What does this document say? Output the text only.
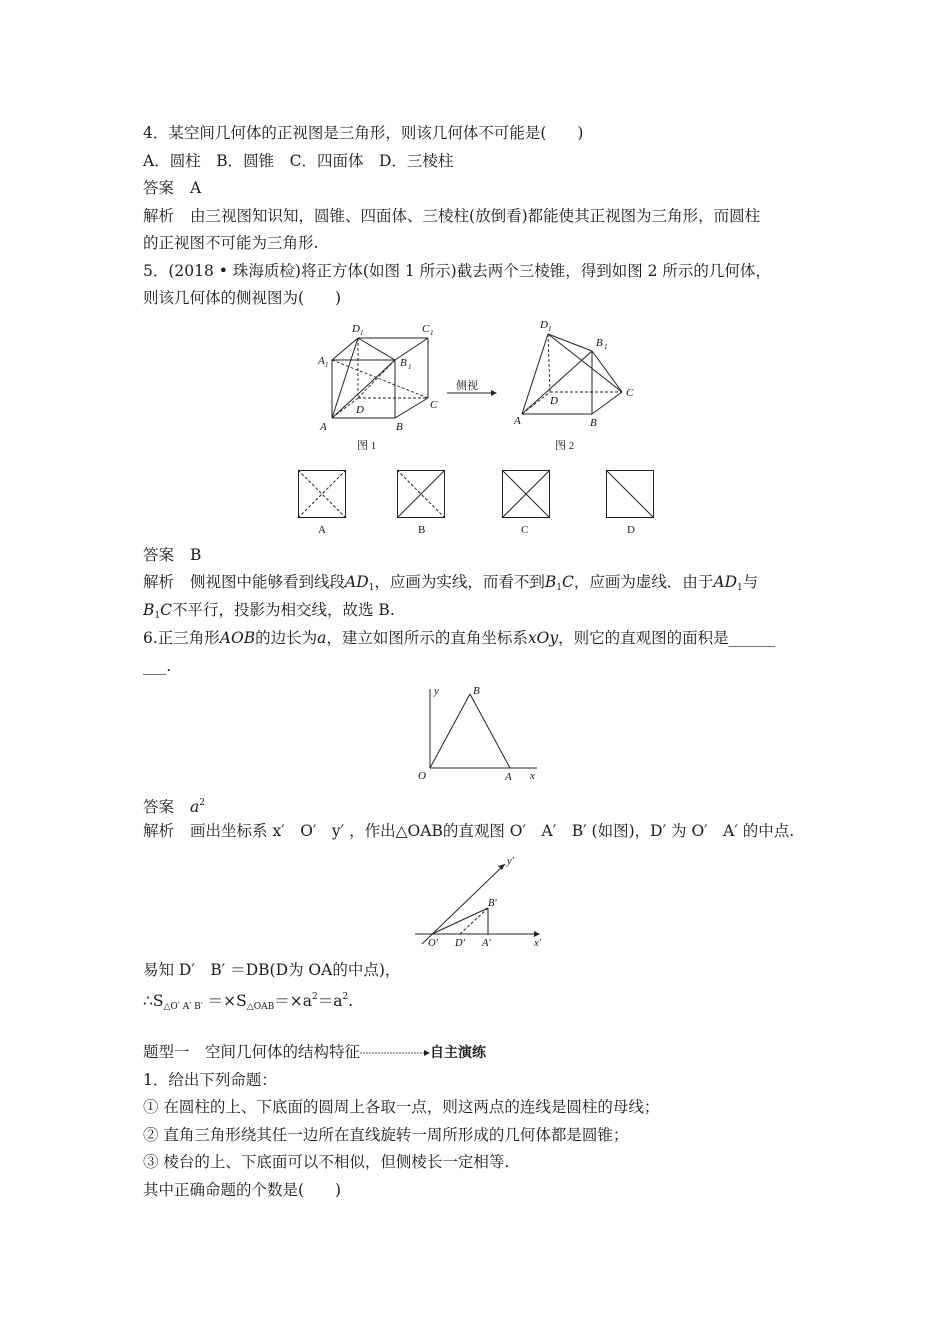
4．某空间几何体的正视图是三角形，则该几何体不可能是(　　)
A．圆柱　B．圆锥　C．四面体　D．三棱柱
答案 A
解析 由三视图知识知，圆锥、四面体、三棱柱(放倒看)都能使其正视图为三角形，而圆柱
的正视图不可能为三角形.
5．(2018 • 珠海质检)将正方体(如图 1 所示)截去两个三棱锥，得到如图 2 所示的几何体，
则该几何体的侧视图为(　　)
D 1	C 1
A 1	B 1
D	C
A	B
图 1
侧视
D 1
B 1
D
C
A	B
图 2
A	B	C	D
答案 B
解析 侧视图中能够看到线段$AD_1$，应画为实线，而看不到$B_1C$，应画为虚线．由于$AD_1$与
$B_1C$不平行，投影为相交线，故选 B.
6.正三角形AOB的边长为a，建立如图所示的直角坐标系xOy，则它的直观图的面积是______
___.
y
x
O	A
B
答案 $a^2$
解析 画出坐标系 x′　O′　y′ ，作出△OAB的直观图 O′　A′　B′ (如图)，D′ 为 O′　A′ 的中点.
y′
x′
O′ D′ A′
B′
易知 D′　B′ ＝DB(D为 OA的中点)，
$\therefore S_{\triangle O' A' B'} =\times S_{\triangle OAB}=\times a^2=a^2$.
题型一　空间几何体的结构特征	自主演练
1．给出下列命题：
① 在圆柱的上、下底面的圆周上各取一点，则这两点的连线是圆柱的母线；
② 直角三角形绕其任一边所在直线旋转一周所形成的几何体都是圆锥；
③ 棱台的上、下底面可以不相似，但侧棱长一定相等.
其中正确命题的个数是(　　)
